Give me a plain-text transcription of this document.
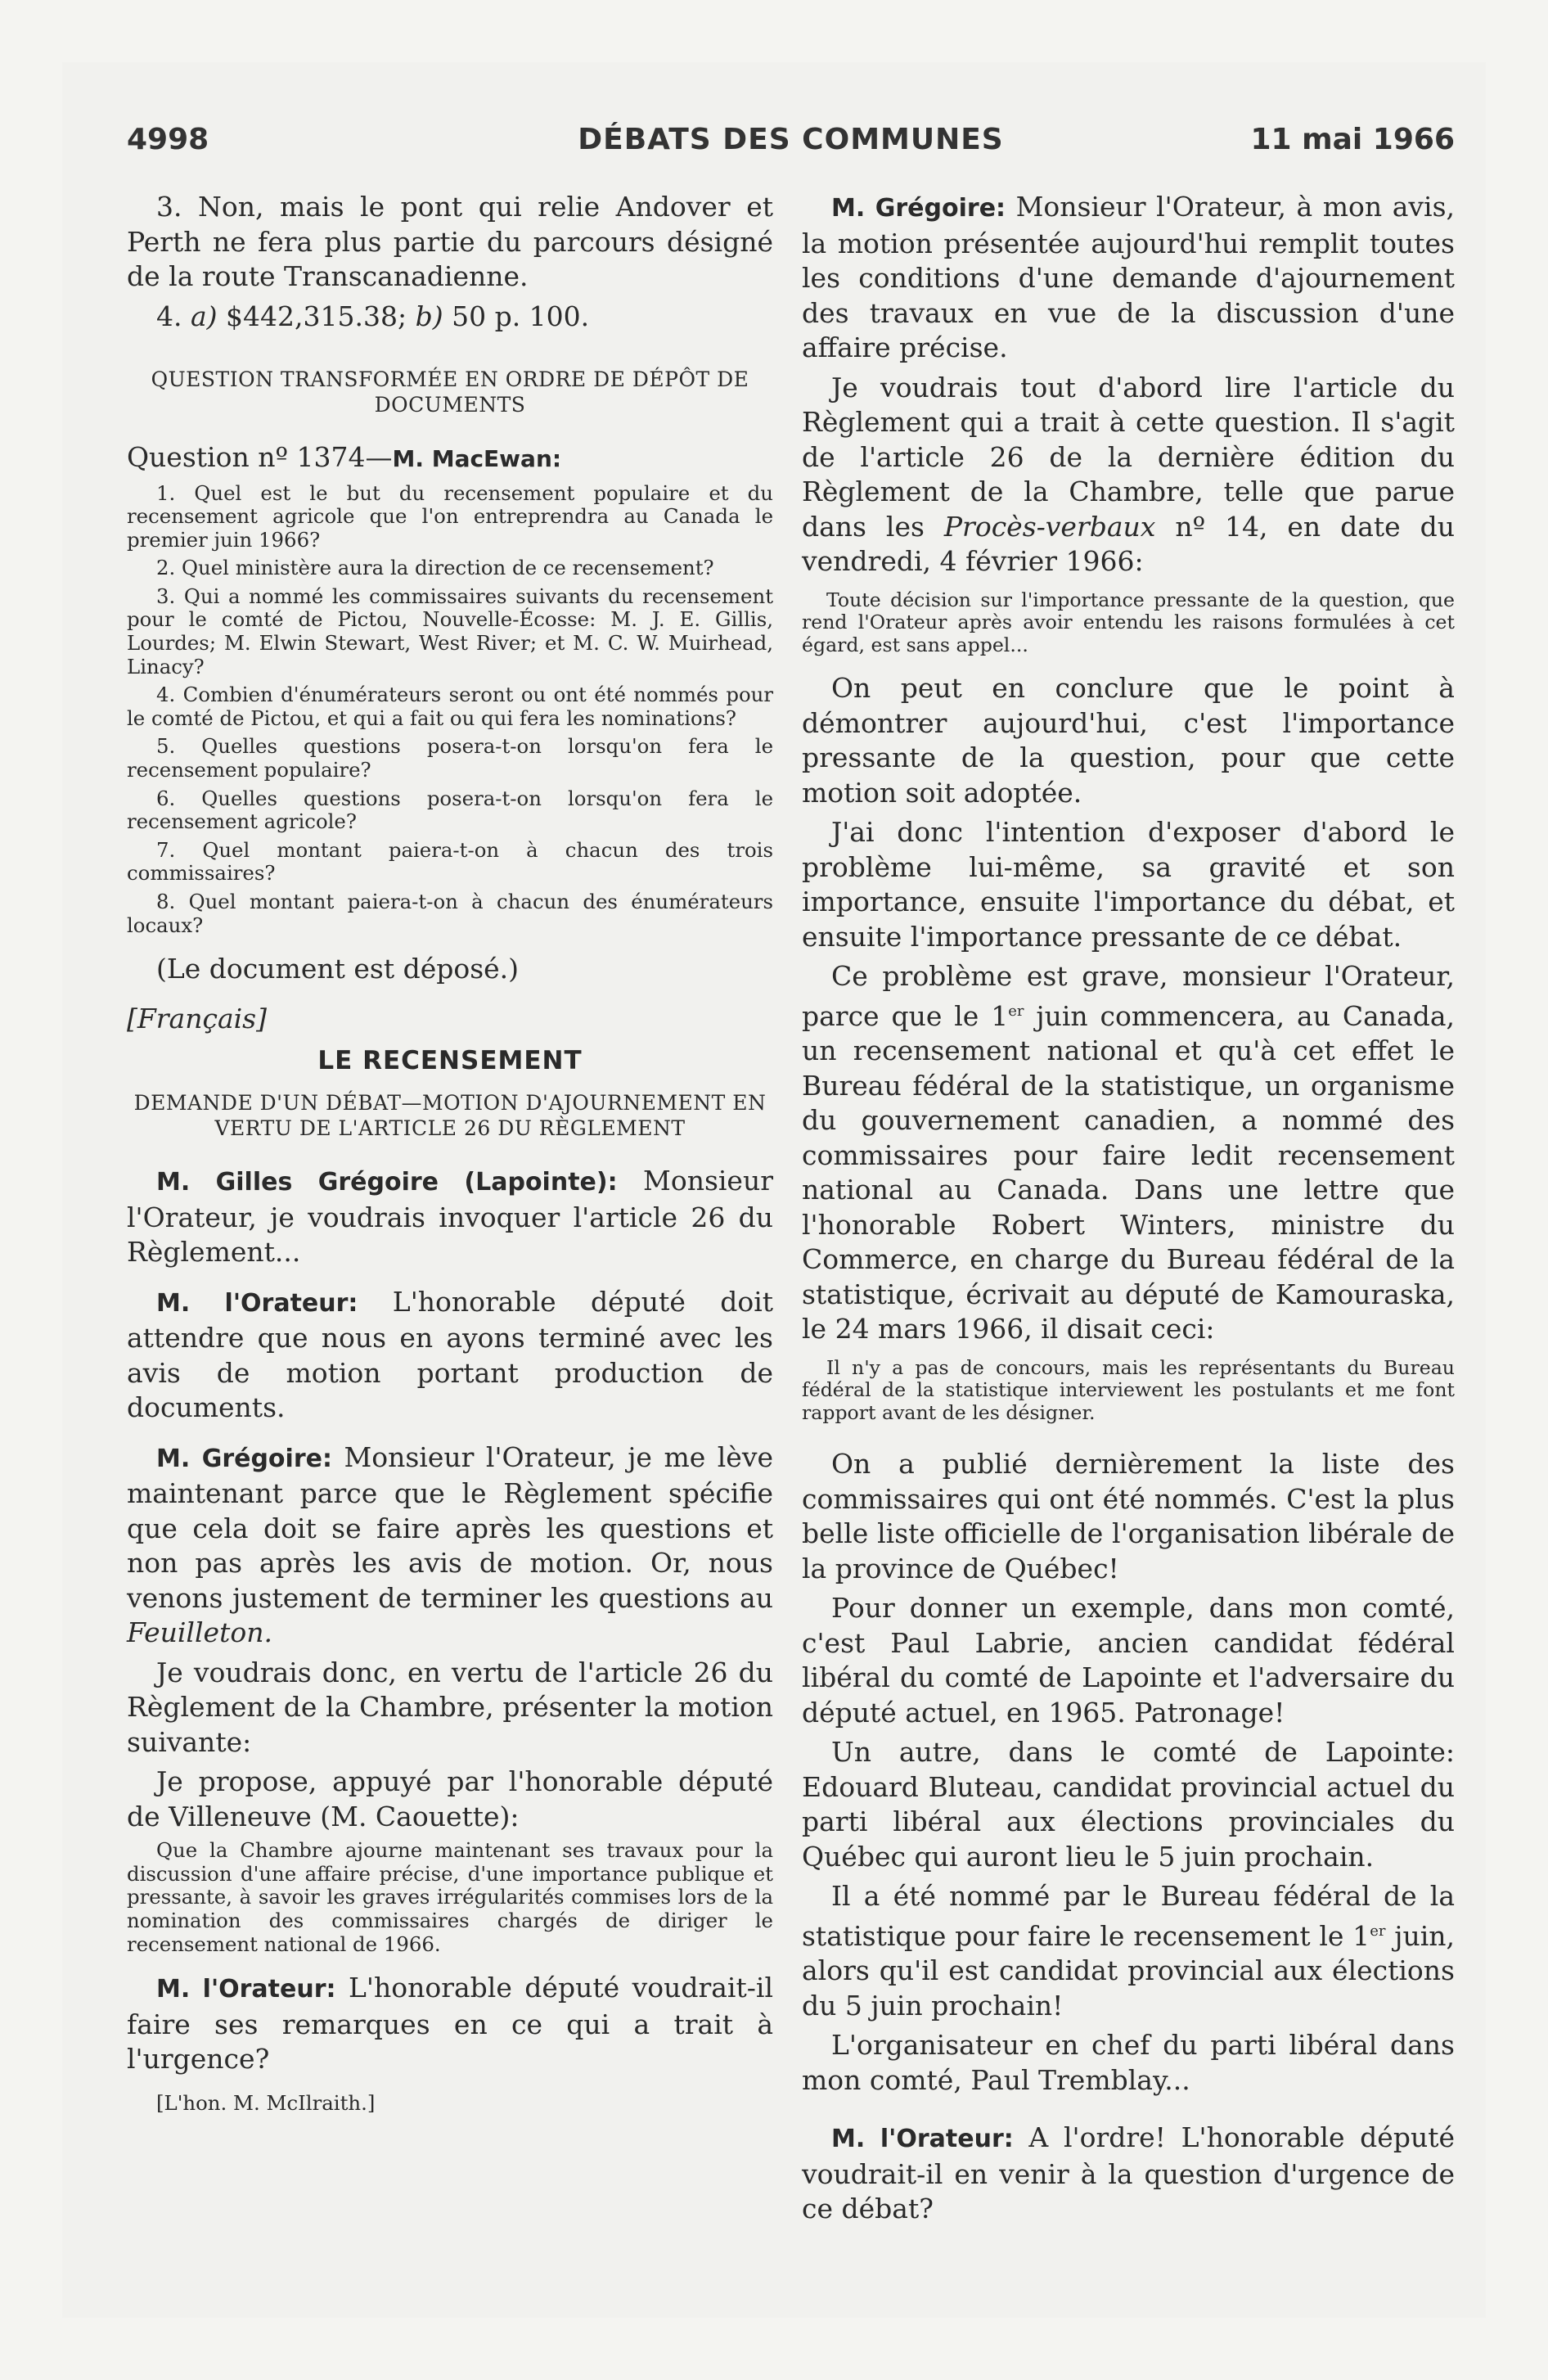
4998	DÉBATS DES COMMUNES	11 mai 1966

3. Non, mais le pont qui relie Andover et Perth ne fera plus partie du parcours désigné de la route Transcanadienne.

4. a) $442,315.38; b) 50 p. 100.

QUESTION TRANSFORMÉE EN ORDRE DE DÉPÔT DE DOCUMENTS

Question nº 1374—M. MacEwan:

1. Quel est le but du recensement populaire et du recensement agricole que l'on entreprendra au Canada le premier juin 1966?

2. Quel ministère aura la direction de ce recensement?

3. Qui a nommé les commissaires suivants du recensement pour le comté de Pictou, Nouvelle-Écosse: M. J. E. Gillis, Lourdes; M. Elwin Stewart, West River; et M. C. W. Muirhead, Linacy?

4. Combien d'énumérateurs seront ou ont été nommés pour le comté de Pictou, et qui a fait ou qui fera les nominations?

5. Quelles questions posera-t-on lorsqu'on fera le recensement populaire?

6. Quelles questions posera-t-on lorsqu'on fera le recensement agricole?

7. Quel montant paiera-t-on à chacun des trois commissaires?

8. Quel montant paiera-t-on à chacun des énumérateurs locaux?

(Le document est déposé.)

[Français]

LE RECENSEMENT

DEMANDE D'UN DÉBAT—MOTION D'AJOURNEMENT EN VERTU DE L'ARTICLE 26 DU RÈGLEMENT

M. Gilles Grégoire (Lapointe): Monsieur l'Orateur, je voudrais invoquer l'article 26 du Règlement...

M. l'Orateur: L'honorable député doit attendre que nous en ayons terminé avec les avis de motion portant production de documents.

M. Grégoire: Monsieur l'Orateur, je me lève maintenant parce que le Règlement spécifie que cela doit se faire après les questions et non pas après les avis de motion. Or, nous venons justement de terminer les questions au Feuilleton.

Je voudrais donc, en vertu de l'article 26 du Règlement de la Chambre, présenter la motion suivante:

Je propose, appuyé par l'honorable député de Villeneuve (M. Caouette):

Que la Chambre ajourne maintenant ses travaux pour la discussion d'une affaire précise, d'une importance publique et pressante, à savoir les graves irrégularités commises lors de la nomination des commissaires chargés de diriger le recensement national de 1966.

M. l'Orateur: L'honorable député voudrait-il faire ses remarques en ce qui a trait à l'urgence?

[L'hon. M. McIlraith.]

M. Grégoire: Monsieur l'Orateur, à mon avis, la motion présentée aujourd'hui remplit toutes les conditions d'une demande d'ajournement des travaux en vue de la discussion d'une affaire précise.

Je voudrais tout d'abord lire l'article du Règlement qui a trait à cette question. Il s'agit de l'article 26 de la dernière édition du Règlement de la Chambre, telle que parue dans les Procès-verbaux nº 14, en date du vendredi, 4 février 1966:

Toute décision sur l'importance pressante de la question, que rend l'Orateur après avoir entendu les raisons formulées à cet égard, est sans appel...

On peut en conclure que le point à démontrer aujourd'hui, c'est l'importance pressante de la question, pour que cette motion soit adoptée.

J'ai donc l'intention d'exposer d'abord le problème lui-même, sa gravité et son importance, ensuite l'importance du débat, et ensuite l'importance pressante de ce débat.

Ce problème est grave, monsieur l'Orateur, parce que le 1er juin commencera, au Canada, un recensement national et qu'à cet effet le Bureau fédéral de la statistique, un organisme du gouvernement canadien, a nommé des commissaires pour faire ledit recensement national au Canada. Dans une lettre que l'honorable Robert Winters, ministre du Commerce, en charge du Bureau fédéral de la statistique, écrivait au député de Kamouraska, le 24 mars 1966, il disait ceci:

Il n'y a pas de concours, mais les représentants du Bureau fédéral de la statistique interviewent les postulants et me font rapport avant de les désigner.

On a publié dernièrement la liste des commissaires qui ont été nommés. C'est la plus belle liste officielle de l'organisation libérale de la province de Québec!

Pour donner un exemple, dans mon comté, c'est Paul Labrie, ancien candidat fédéral libéral du comté de Lapointe et l'adversaire du député actuel, en 1965. Patronage!

Un autre, dans le comté de Lapointe: Edouard Bluteau, candidat provincial actuel du parti libéral aux élections provinciales du Québec qui auront lieu le 5 juin prochain.

Il a été nommé par le Bureau fédéral de la statistique pour faire le recensement le 1er juin, alors qu'il est candidat provincial aux élections du 5 juin prochain!

L'organisateur en chef du parti libéral dans mon comté, Paul Tremblay...

M. l'Orateur: A l'ordre! L'honorable député voudrait-il en venir à la question d'urgence de ce débat?
